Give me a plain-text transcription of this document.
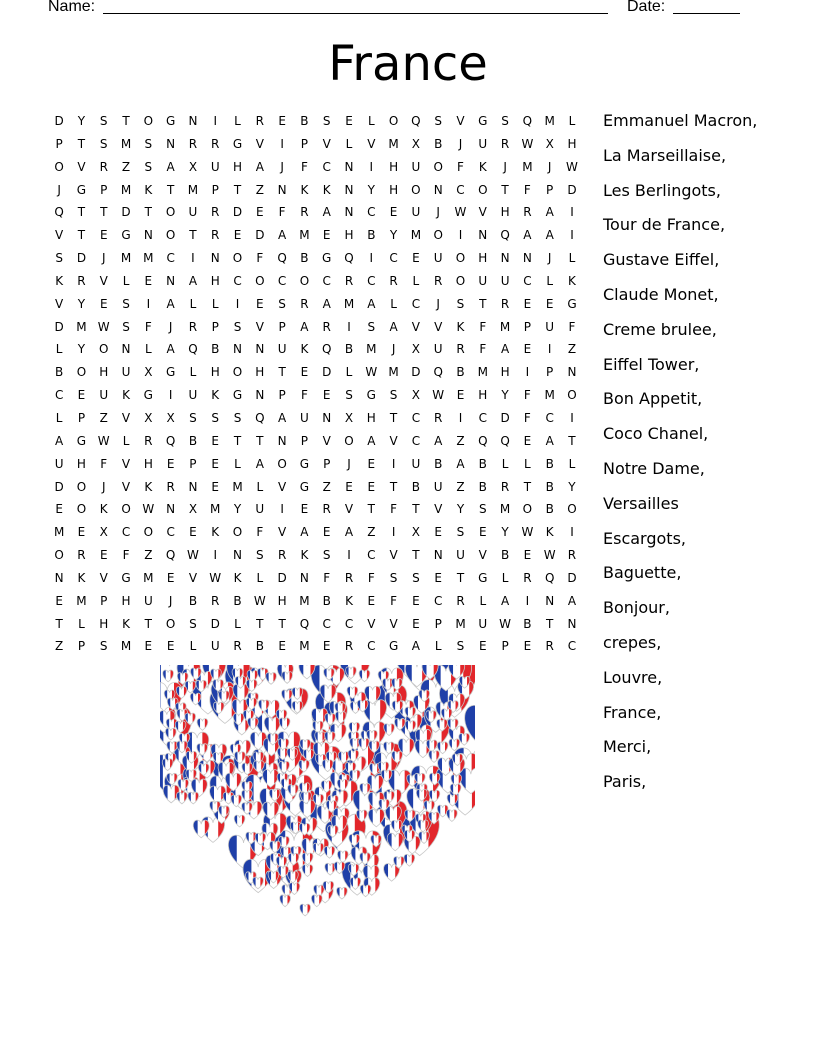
Name:	Date:
France
D	Y	S	T	O	G	N	I	L	R	E	B	S	E	L	O	Q	S	V	G	S	Q	M	L
P	T	S	M	S	N	R	R	G	V	I	P	V	L	V	M	X	B	J	U	R	W	X	H
O	V	R	Z	S	A	X	U	H	A	J	F	C	N	I	H	U	O	F	K	J	M	J	W
J	G	P	M	K	T	M	P	T	Z	N	K	K	N	Y	H	O	N	C	O	T	F	P	D
Q	T	T	D	T	O	U	R	D	E	F	R	A	N	C	E	U	J	W	V	H	R	A	I
V	T	E	G	N	O	T	R	E	D	A	M	E	H	B	Y	M	O	I	N	Q	A	A	I
S	D	J	M M	C	I	N	O	F	Q	B	G	Q	I	C	E	U	O	H	N	N	J	L
K	R	V	L	E	N	A	H	C	O	C	O	C	R	C	R	L	R	O	U	U	C	L	K
V	Y	E	S	I	A	L	L	I	E	S	R	A	M	A	L	C	J	S	T	R	E	E	G
D	M W	S	F	J	R	P	S	V	P	A	R	I	S	A	V	V	K	F	M	P	U	F
L	Y	O	N	L	A	Q	B	N	N	U	K	Q	B	M	J	X	U	R	F	A	E	I	Z
B	O	H	U	X	G	L	H	O	H	T	E	D	L	W M	D	Q	B	M	H	I	P	N
C	E	U	K	G	I	U	K	G	N	P	F	E	S	G	S	X	W	E	H	Y	F	M	O
L	P	Z	V	X	X	S	S	S	Q	A	U	N	X	H	T	C	R	I	C	D	F	C	I
A	G W	L	R	Q	B	E	T	T	N	P	V	O	A	V	C	A	Z	Q	Q	E	A	T
U	H	F	V	H	E	P	E	L	A	O	G	P	J	E	I	U	B	A	B	L	L	B	L
D	O	J	V	K	R	N	E	M	L	V	G	Z	E	E	T	B	U	Z	B	R	T	B	Y
E	O	K	O W N	X	M	Y	U	I	E	R	V	T	F	T	V	Y	S	M	O	B	O
M	E	X	C	O	C	E	K	O	F	V	A	E	A	Z	I	X	E	S	E	Y	W	K	I
O	R	E	F	Z	Q W	I	N	S	R	K	S	I	C	V	T	N	U	V	B	E	W	R
N	K	V	G	M	E	V	W	K	L	D	N	F	R	F	S	S	E	T	G	L	R	Q	D
E	M	P	H	U	J	B	R	B	W H	M	B	K	E	F	E	C	R	L	A	I	N	A
T	L	H	K	T	O	S	D	L	T	T	Q	C	C	V	V	E	P	M	U W	B	T	N
Z	P	S	M	E	E	L	U	R	B	E	M	E	R	C	G	A	L	S	E	P	E	R	C
Emmanuel Macron,
La Marseillaise,
Les Berlingots,
Tour de France,
Gustave Eiffel,
Claude Monet,
Creme brulee,
Eiffel Tower,
Bon Appetit,
Coco Chanel,
Notre Dame,
Versailles
Escargots,
Baguette,
Bonjour,
crepes,
Louvre,
France,
Merci,
Paris,
